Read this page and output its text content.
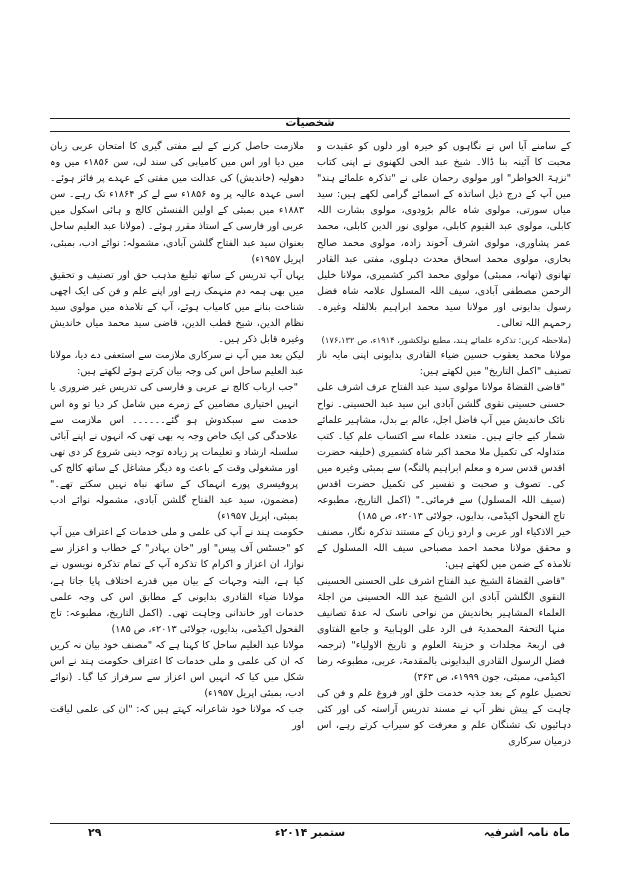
شخصیات

کے سامنے آیا اس نے نگاہوں کو خیرہ اور دلوں کو عقیدت و محبت کا آئینہ بنا ڈالا۔ شیخ عبد الحی لکھنوی نے اپنی کتاب "نزہۃ الخواطر" اور مولوی رحمان علی نے "تذکرہ علمائے ہند" میں آپ کے درج ذیل اساتذہ کے اسمائے گرامی لکھے ہیں: سید میاں سورتی، مولوی شاہ عالم بڑودوی، مولوی بشارت اللہ کابلی، مولوی عبد القیوم کابلی، مولوی نور الدین کابلی، محمد عمر پشاوری، مولوی اشرف آخوند زادہ، مولوی محمد صالح بخاری، مولوی محمد اسحاق محدث دہلوی، مفتی عبد القادر تھانوی (تھانہ، ممبئی) مولوی محمد اکبر کشمیری، مولانا خلیل الرحمن مصطفی آبادی، سیف اللہ المسلول علامہ شاہ فضل رسول بدایونی اور مولانا سید محمد ابراہیم بلالقلہ وغیرہ۔ رحمہم اللہ تعالی۔

(ملاحظہ کریں: تذکرہ علمائے ہند، مطبع نولکشور، ۱۹۱۴ء، ص ۱۷۶،۱۳۲)

مولانا محمد یعقوب حسین ضیاء القادری بدایونی اپنی مایہ ناز تصنیف "اکمل التاریخ" میں لکھتے ہیں:

"قاضی القضاۃ مولانا مولوی سید عبد الفتاح عرف اشرف علی حسنی حسینی نقوی گلشن آبادی ابن سید عبد الحسینی۔ نواح نائک خاندیش میں آپ فاضل اجل، عالم بے بدل، مشاہیر علمائے شمار کیے جاتے ہیں۔ متعدد علماء سے اکتساب علم کیا۔ کتب متداولہ کی تکمیل ملا محمد اکبر شاہ کشمیری (خلیفہ حضرت اقدس قدس سرہ و معلم ابراہیم پالنگہ) سے بمبئی وغیرہ میں کی۔ تصوف و صحبت و تفسیر کی تکمیل حضرت اقدس (سیف اللہ المسلول) سے فرمائی۔" (اکمل التاریخ، مطبوعہ تاج الفحول اکیڈمی، بدایوں، جولائی ۲۰۱۳ء، ص ۱۸۵)

خیر الاذکیاء اور عربی و اردو زبان کے مستند تذکرہ نگار، مصنف و محقق مولانا محمد احمد مصباحی سیف اللہ المسلول کے تلامذہ کے ضمن میں لکھتے ہیں:

"قاضی القضاۃ الشیخ عبد الفتاح اشرف علی الحسنی الحسینی النقوی الگلشن آبادی ابن الشیخ عبد اللہ الحسینی من اجلۃ العلماء المشاہیر بخاندیش من نواحی ناسک لہ عدۃ تصانیف منہا التحفۃ المحمدیۃ فی الرد علی الوہابیۃ و جامع الفتاوی فی اربعۃ مجلدات و خزینۃ العلوم و تاریخ الاولیاء" (ترجمہ فضل الرسول القادری البدایونی بالمقدمۃ، عربی، مطبوعہ رضا اکیڈمی، ممبئی، جون ۱۹۹۹ء، ص ۳۶۳)

تحصیل علوم کے بعد جذبہ خدمت خلق اور فروغ علم و فن کی چاہت کے پیش نظر آپ نے مسند تدریس آراستہ کی اور کئی دہائیوں تک تشنگان علم و معرفت کو سیراب کرتے رہے، اس درمیان سرکاری

ملازمت حاصل کرنے کے لیے مفتی گیری کا امتحان عربی زبان میں دیا اور اس میں کامیابی کی سند لی، سن ۱۸۵۶ء میں وہ دھولیہ (خاندیش) کی عدالت میں مفتی کے عہدے پر فائز ہوئے۔ اسی عہدہ عالیہ پر وہ ۱۸۵۶ء سے لے کر ۱۸۶۴ء تک رہے۔ سن ۱۸۸۳ء میں بمبئی کے اولین الفنسٹن کالج و ہائی اسکول میں عربی اور فارسی کے استاذ مقرر ہوئے۔ (مولانا عبد العلیم ساحل بعنوان سید عبد الفتاح گلشن آبادی، مشمولہ: نوائے ادب، بمبئی، اپریل ۱۹۵۷ء)

یہاں آپ تدریس کے ساتھ تبلیغ مذہب حق اور تصنیف و تحقیق میں بھی ہمہ دم منہمک رہے اور اپنے علم و فن کی ایک اچھی شناخت بنانے میں کامیاب ہوئے، آپ کے تلامذہ میں مولوی سید نظام الدین، شیخ قطب الدین، قاضی سید محمد میاں خاندیش وغیرہ قابل ذکر ہیں۔

لیکن بعد میں آپ نے سرکاری ملازمت سے استعفی دے دیا، مولانا عبد العلیم ساحل اس کی وجہ بیان کرتے ہوئے لکھتے ہیں:

"جب ارباب کالج نے عربی و فارسی کی تدریس غیر ضروری یا انہیں اختیاری مضامین کے زمرے میں شامل کر دیا تو وہ اس خدمت سے سبکدوش ہو گئے۔۔۔۔۔۔ اس ملازمت سے علاحدگی کی ایک خاص وجہ یہ بھی تھی کہ انہوں نے اپنے آبائی سلسلہ ارشاد و تعلیمات پر زیادہ توجہ دینی شروع کر دی تھی اور مشغولی وقت کے باعث وہ دیگر مشاغل کے ساتھ کالج کی پروفیسری پورے انہماک کے ساتھ نباہ نہیں سکتے تھے۔" (مضمون، سید عبد الفتاح گلشن آبادی، مشمولہ نوائے ادب بمبئی، اپریل ۱۹۵۷ء)

حکومت ہند نے آپ کی علمی و ملی خدمات کے اعتراف میں آپ کو "جسٹس آف پیس" اور "خان بہادر" کے خطاب و اعزاز سے نوازا، ان اعزاز و اکرام کا تذکرہ آپ کے تمام تذکرہ نویسوں نے کیا ہے، البتہ وجہات کے بیان میں قدرے اختلاف پایا جاتا ہے، مولانا ضیاء القادری بدایونی کے مطابق اس کی وجہ علمی خدمات اور خاندانی وجاہت تھی۔ (اکمل التاریخ، مطبوعہ: تاج الفحول اکیڈمی، بدایوں، جولائی ۲۰۱۳ء، ص ۱۸۵)

مولانا عبد العلیم ساحل کا کہنا ہے کہ "مصنف خود بیان نہ کریں کہ ان کی علمی و ملی خدمات کا اعتراف حکومت ہند نے اس شکل میں کیا کہ انہیں اس اعزاز سے سرفراز کیا گیا۔ (نوائے ادب، بمبئی اپریل ۱۹۵۷ء)

جب کہ مولانا خود شاعرانہ کہتے ہیں کہ: "ان کی علمی لیاقت اور

۲۹	ستمبر ۲۰۱۴ء	ماہ نامہ اشرفیہ
